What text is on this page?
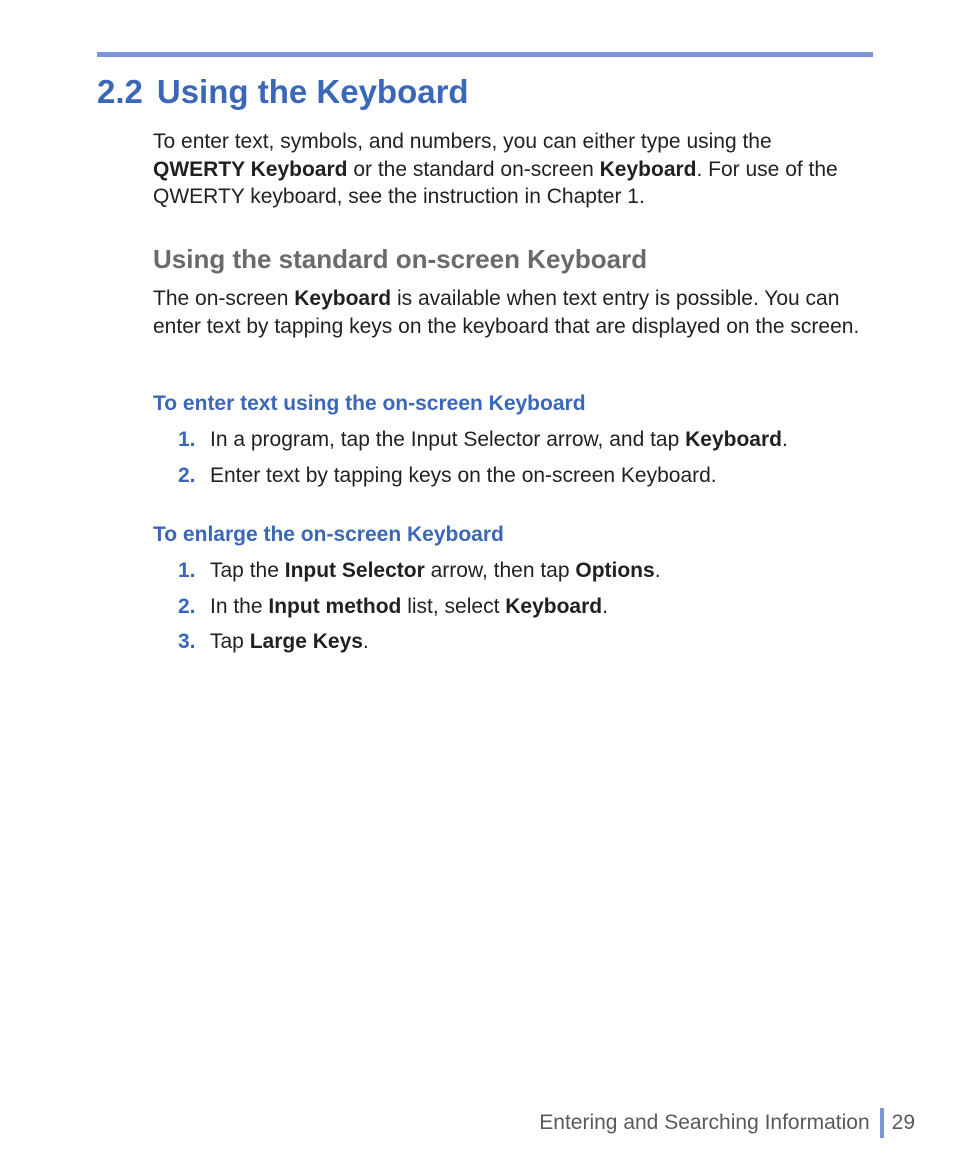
2.2 Using the Keyboard

To enter text, symbols, and numbers, you can either type using the QWERTY Keyboard or the standard on-screen Keyboard. For use of the QWERTY keyboard, see the instruction in Chapter 1.

Using the standard on-screen Keyboard

The on-screen Keyboard is available when text entry is possible. You can enter text by tapping keys on the keyboard that are displayed on the screen.

To enter text using the on-screen Keyboard
1. In a program, tap the Input Selector arrow, and tap Keyboard.
2. Enter text by tapping keys on the on-screen Keyboard.
To enlarge the on-screen Keyboard
1. Tap the Input Selector arrow, then tap Options.
2. In the Input method list, select Keyboard.
3. Tap Large Keys.
Entering and Searching Information 29
